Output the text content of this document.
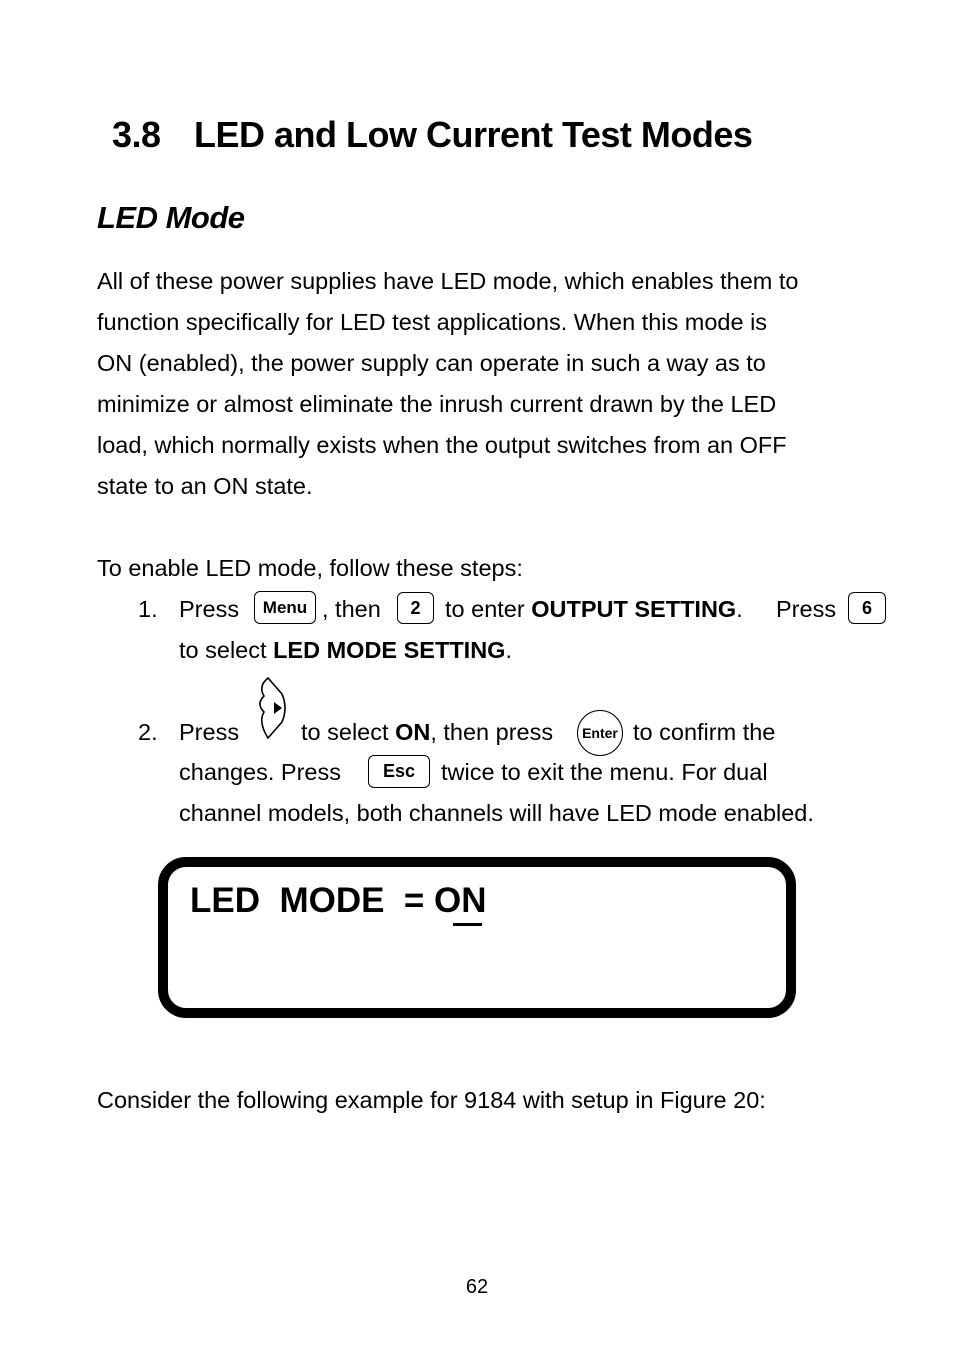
3.8 LED and Low Current Test Modes
LED Mode
All of these power supplies have LED mode, which enables them to
function specifically for LED test applications. When this mode is
ON (enabled), the power supply can operate in such a way as to
minimize or almost eliminate the inrush current drawn by the LED
load, which normally exists when the output switches from an OFF
state to an ON state.
To enable LED mode, follow these steps:
1. Press	Menu , then	2	to enter OUTPUT SETTING. Press	6
to select LED MODE SETTING.
2. Press	to select ON, then press	Enter to confirm the
changes. Press	Esc	twice to exit the menu. For dual
channel models, both channels will have LED mode enabled.
LED  MODE  = ON
Consider the following example for 9184 with setup in Figure 20:
62
